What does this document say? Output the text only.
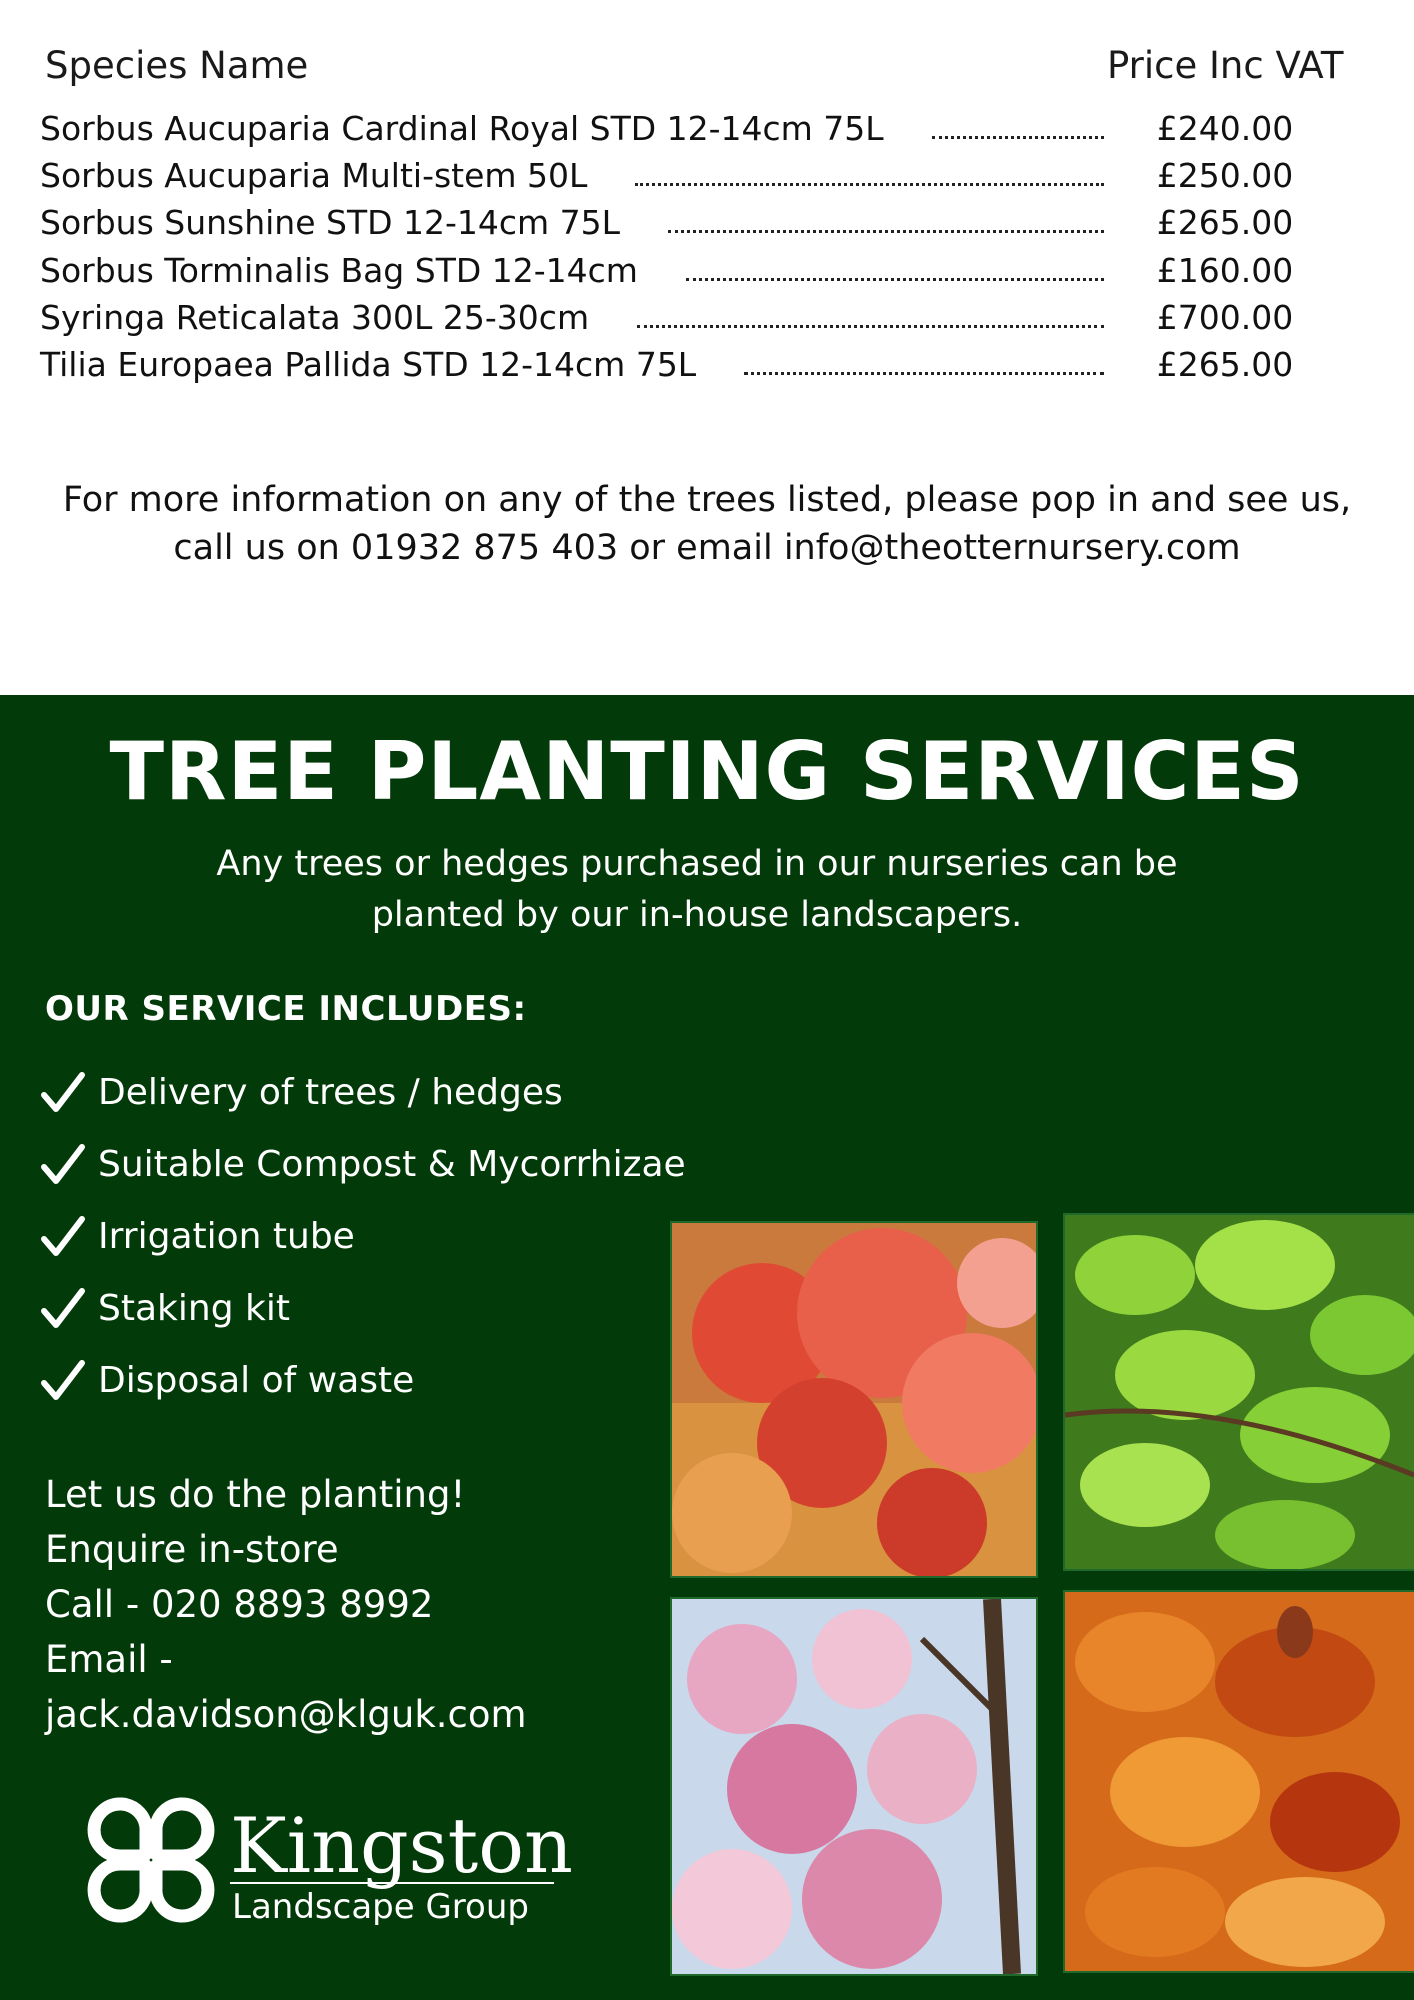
Species Name	Price Inc VAT
Sorbus Aucuparia Cardinal Royal STD 12-14cm 75L	£240.00
Sorbus Aucuparia Multi-stem 50L	£250.00
Sorbus Sunshine STD 12-14cm 75L	£265.00
Sorbus Torminalis Bag STD 12-14cm	£160.00
Syringa Reticalata 300L 25-30cm	£700.00
Tilia Europaea Pallida STD 12-14cm 75L	£265.00
For more information on any of the trees listed, please pop in and see us,
call us on 01932 875 403 or email info@theotternursery.com
TREE PLANTING SERVICES
Any trees or hedges purchased in our nurseries can be
planted by our in-house landscapers.
OUR SERVICE INCLUDES:
Delivery of trees / hedges
Suitable Compost & Mycorrhizae
Irrigation tube
Staking kit
Disposal of waste
Let us do the planting!
Enquire in-store
Call - 020 8893 8992
Email -
jack.davidson@klguk.com
Kingston
Landscape Group
